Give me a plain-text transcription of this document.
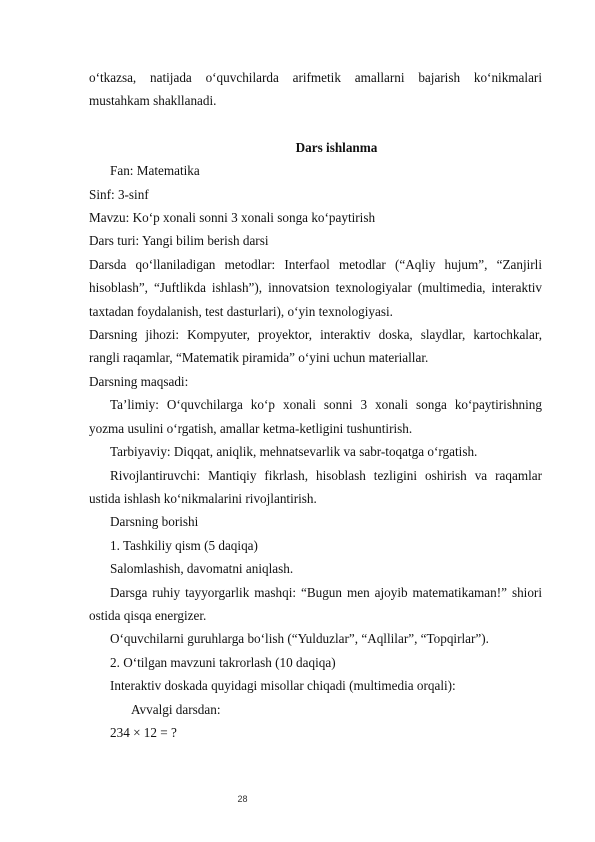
o‘tkazsa, natijada o‘quvchilarda arifmetik amallarni bajarish ko‘nikmalari mustahkam shakllanadi.

Dars ishlanma

Fan: Matematika

Sinf: 3-sinf

Mavzu: Ko‘p xonali sonni 3 xonali songa ko‘paytirish

Dars turi: Yangi bilim berish darsi

Darsda qo‘llaniladigan metodlar: Interfaol metodlar (“Aqliy hujum”, “Zanjirli hisoblash”, “Juftlikda ishlash”), innovatsion texnologiyalar (multimedia, interaktiv taxtadan foydalanish, test dasturlari), o‘yin texnologiyasi.

Darsning jihozi: Kompyuter, proyektor, interaktiv doska, slaydlar, kartochkalar, rangli raqamlar, “Matematik piramida” o‘yini uchun materiallar.

Darsning maqsadi:

Ta’limiy: O‘quvchilarga ko‘p xonali sonni 3 xonali songa ko‘paytirishning yozma usulini o‘rgatish, amallar ketma-ketligini tushuntirish.

Tarbiyaviy: Diqqat, aniqlik, mehnatsevarlik va sabr-toqatga o‘rgatish.

Rivojlantiruvchi: Mantiqiy fikrlash, hisoblash tezligini oshirish va raqamlar ustida ishlash ko‘nikmalarini rivojlantirish.

Darsning borishi

1. Tashkiliy qism (5 daqiqa)

Salomlashish, davomatni aniqlash.

Darsga ruhiy tayyorgarlik mashqi: “Bugun men ajoyib matematikaman!” shiori ostida qisqa energizer.

O‘quvchilarni guruhlarga bo‘lish (“Yulduzlar”, “Aqllilar”, “Topqirlar”).

2. O‘tilgan mavzuni takrorlash (10 daqiqa)

Interaktiv doskada quyidagi misollar chiqadi (multimedia orqali):

Avvalgi darsdan:

234 × 12 = ?

28
